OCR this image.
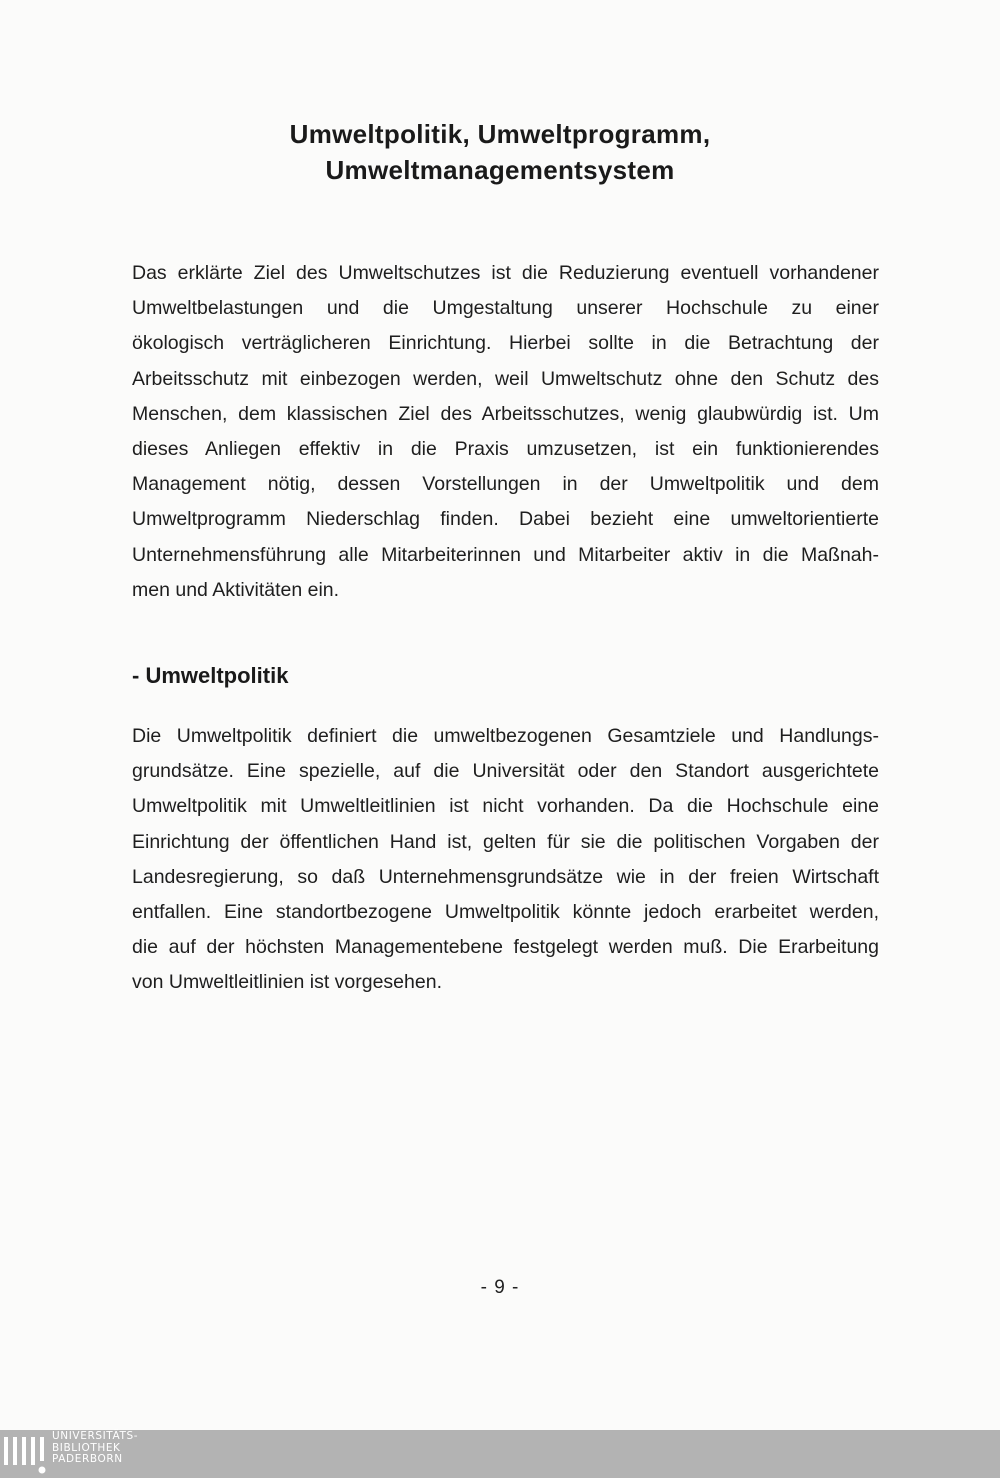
Umweltpolitik, Umweltprogramm,
Umweltmanagementsystem

Das erklärte Ziel des Umweltschutzes ist die Reduzierung eventuell vorhandener
Umweltbelastungen und die Umgestaltung unserer Hochschule zu einer
ökologisch verträglicheren Einrichtung. Hierbei sollte in die Betrachtung der
Arbeitsschutz mit einbezogen werden, weil Umweltschutz ohne den Schutz des
Menschen, dem klassischen Ziel des Arbeitsschutzes, wenig glaubwürdig ist. Um
dieses Anliegen effektiv in die Praxis umzusetzen, ist ein funktionierendes
Management nötig, dessen Vorstellungen in der Umweltpolitik und dem
Umweltprogramm Niederschlag finden. Dabei bezieht eine umweltorientierte
Unternehmensführung alle Mitarbeiterinnen und Mitarbeiter aktiv in die Maßnah-
men und Aktivitäten ein.

- Umweltpolitik

Die Umweltpolitik definiert die umweltbezogenen Gesamtziele und Handlungs-
grundsätze. Eine spezielle, auf die Universität oder den Standort ausgerichtete
Umweltpolitik mit Umweltleitlinien ist nicht vorhanden. Da die Hochschule eine
Einrichtung der öffentlichen Hand ist, gelten für sie die politischen Vorgaben der
Landesregierung, so daß Unternehmensgrundsätze wie in der freien Wirtschaft
entfallen. Eine standortbezogene Umweltpolitik könnte jedoch erarbeitet werden,
die auf der höchsten Managementebene festgelegt werden muß. Die Erarbeitung
von Umweltleitlinien ist vorgesehen.

- 9 -
UNIVERSITÄTS-
BIBLIOTHEK
PADERBORN
